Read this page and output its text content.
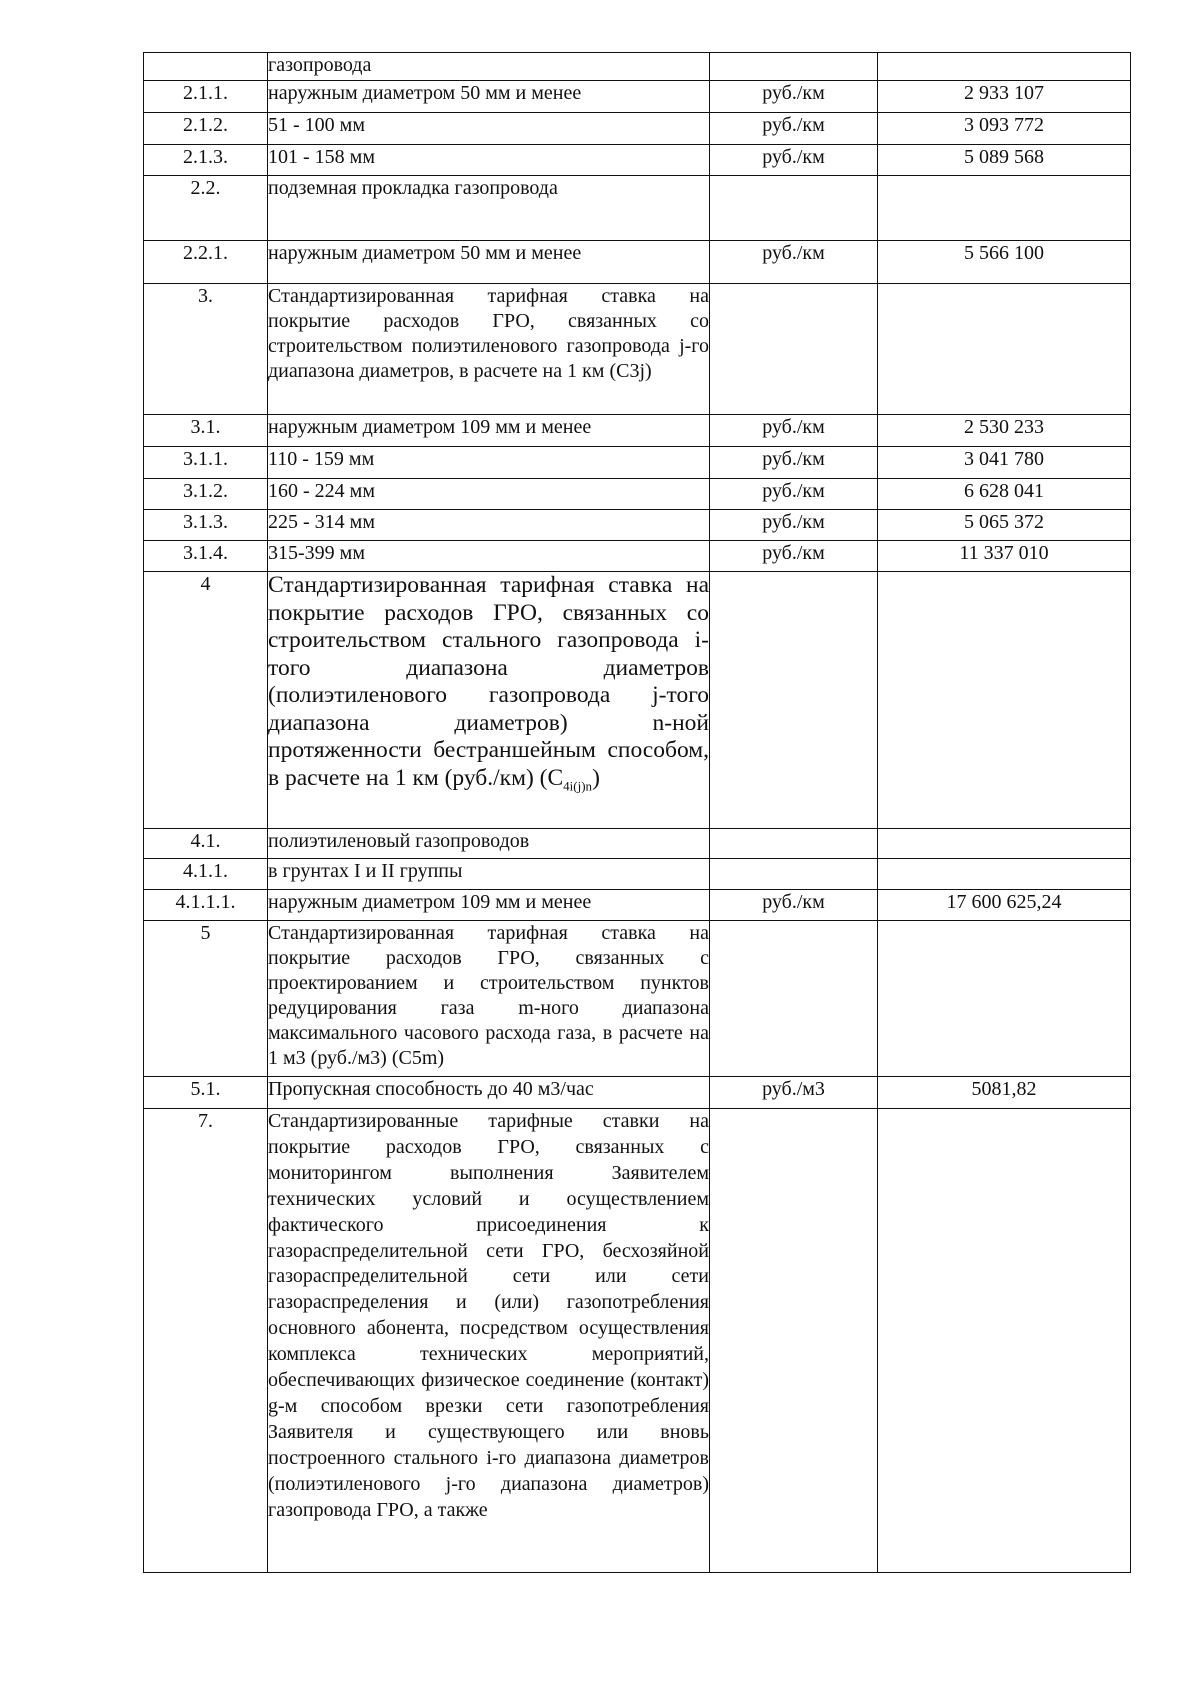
	газопровода		
2.1.1.	наружным диаметром 50 мм и менее	руб./км	2 933 107
2.1.2.	51 - 100 мм	руб./км	3 093 772
2.1.3.	101 - 158 мм	руб./км	5 089 568
2.2.	подземная прокладка газопровода		
2.2.1.	наружным диаметром 50 мм и менее	руб./км	5 566 100
3.	Стандартизированная тарифная ставка на покрытие расходов ГРО, связанных со строительством полиэтиленового газопровода j-го диапазона диаметров, в расчете на 1 км (С3j)		
3.1.	наружным диаметром 109 мм и менее	руб./км	2 530 233
3.1.1.	110 - 159 мм	руб./км	3 041 780
3.1.2.	160 - 224 мм	руб./км	6 628 041
3.1.3.	225 - 314 мм	руб./км	5 065 372
3.1.4.	315-399 мм	руб./км	11 337 010
4	Стандартизированная тарифная ставка на покрытие расходов ГРО, связанных со строительством стального газопровода i-того диапазона диаметров (полиэтиленового газопровода j-того диапазона диаметров) n-ной протяженности бестраншейным способом, в расчете на 1 км (руб./км) $(С_{4i(j)n})$		
4.1.	полиэтиленовый газопроводов		
4.1.1.	в грунтах I и II группы		
4.1.1.1.	наружным диаметром 109 мм и менее	руб./км	17 600 625,24
5	Стандартизированная тарифная ставка на покрытие расходов ГРО, связанных с проектированием и строительством пунктов редуцирования газа m-ного диапазона максимального часового расхода газа, в расчете на 1 м3 (руб./м3) (С5m)		
5.1.	Пропускная способность до 40 м3/час	руб./м3	5081,82
7.	Стандартизированные тарифные ставки на покрытие расходов ГРО, связанных с мониторингом выполнения Заявителем технических условий и осуществлением фактического присоединения к газораспределительной сети ГРО, бесхозяйной газораспределительной сети или сети газораспределения и (или) газопотребления основного абонента, посредством осуществления комплекса технических мероприятий, обеспечивающих физическое соединение (контакт) g-м способом врезки сети газопотребления Заявителя и существующего или вновь построенного стального i-го диапазона диаметров (полиэтиленового j-го диапазона диаметров) газопровода ГРО, а также		
